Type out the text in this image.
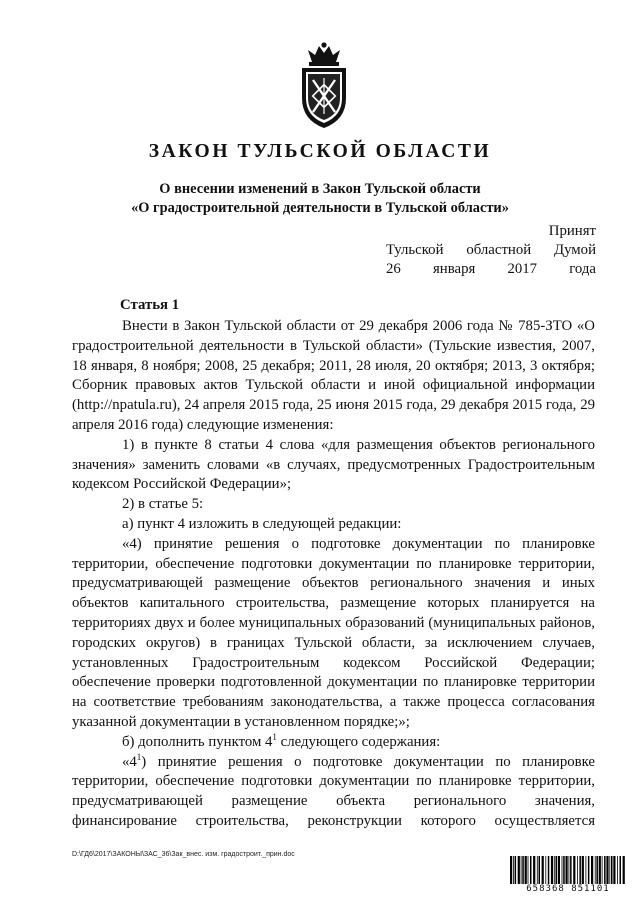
ЗАКОН ТУЛЬСКОЙ ОБЛАСТИ
О внесении изменений в Закон Тульской области
«О градостроительной деятельности в Тульской области»
Принят
Тульской областной Думой
26 января 2017 года
Статья 1

Внести в Закон Тульской области от 29 декабря 2006 года № 785-ЗТО «О градостроительной деятельности в Тульской области» (Тульские известия, 2007, 18 января, 8 ноября; 2008, 25 декабря; 2011, 28 июля, 20 октября; 2013, 3 октября; Сборник правовых актов Тульской области и иной официальной информации (http://npatula.ru), 24 апреля 2015 года, 25 июня 2015 года, 29 декабря 2015 года, 29 апреля 2016 года) следующие изменения:

1) в пункте 8 статьи 4 слова «для размещения объектов регионального значения» заменить словами «в случаях, предусмотренных Градостроительным кодексом Российской Федерации»;

2) в статье 5:

а) пункт 4 изложить в следующей редакции:

«4) принятие решения о подготовке документации по планировке территории, обеспечение подготовки документации по планировке территории, предусматривающей размещение объектов регионального значения и иных объектов капитального строительства, размещение которых планируется на территориях двух и более муниципальных образований (муниципальных районов, городских округов) в границах Тульской области, за исключением случаев, установленных Градостроительным кодексом Российской Федерации; обеспечение проверки подготовленной документации по планировке территории на соответствие требованиям законодательства, а также процесса согласования указанной документации в установленном порядке;»;

б) дополнить пунктом $4^1$ следующего содержания:

«$4^1$) принятие решения о подготовке документации по планировке территории, обеспечение подготовки документации по планировке территории, предусматривающей размещение объекта регионального значения, финансирование строительства, реконструкции которого осуществляется

D:\ГД6\2017\ЗАКОНЫ\ЗАС_36\Зак_внес. изм. градостроит._прин.doc
658368 851101
